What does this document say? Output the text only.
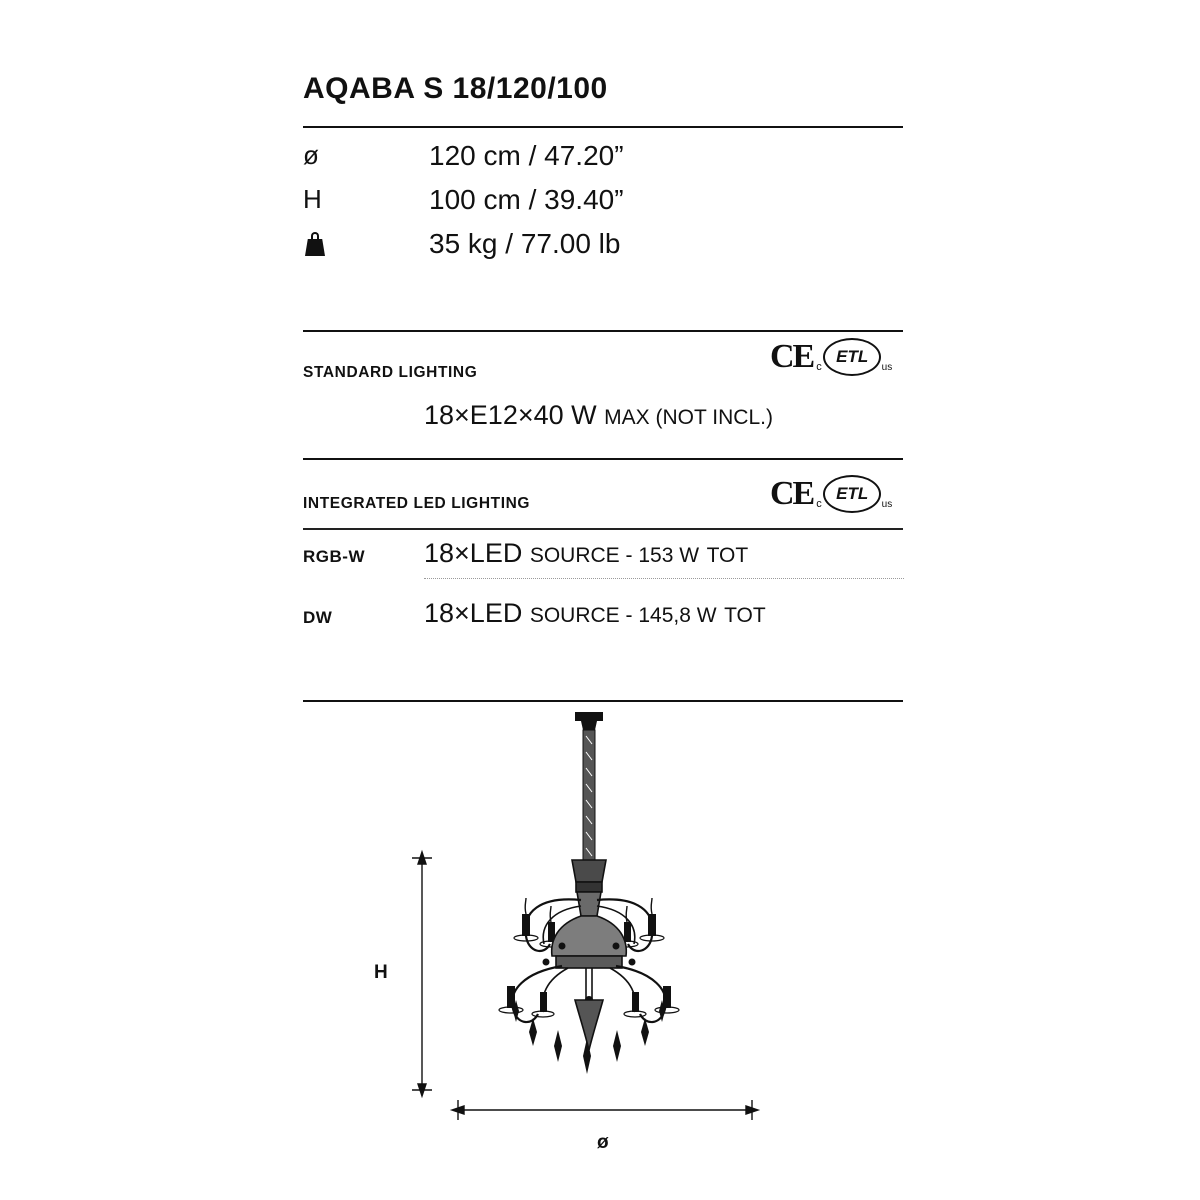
AQABA S 18/120/100
ø	120 cm / 47.20”
H	100 cm / 39.40”
35 kg / 77.00 lb
STANDARD LIGHTING	CE c
ETL
us
18×E12×40 W MAX (NOT INCL.)
INTEGRATED LED LIGHTING	CE c
ETL
us
RGB-W 18×LED SOURCE - 153 W TOT
DW	18×LED SOURCE - 145,8 W TOT
H
ø
